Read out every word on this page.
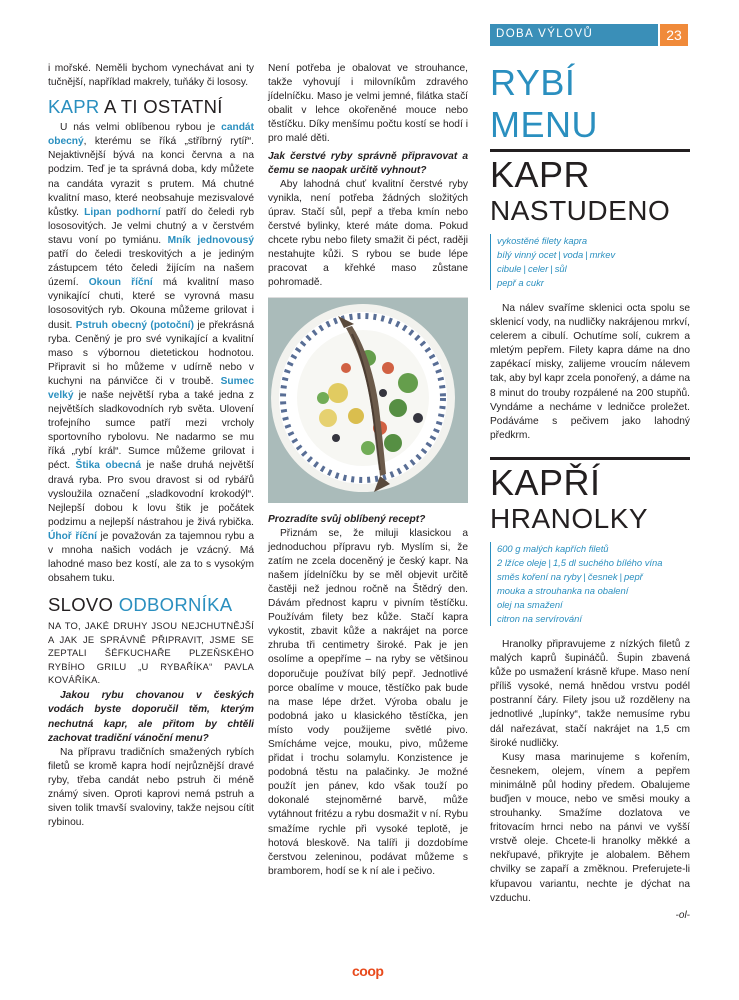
DOBA VÝLOVŮ	23

i mořské. Neměli bychom vynechávat ani ty tučnější, například makrely, tuňáky či lososy.

KAPR A TI OSTATNÍ

U nás velmi oblíbenou rybou je candát obecný, kterému se říká „stříbrný rytíř“. Nejaktivnější bývá na konci června a na podzim. Teď je ta správná doba, kdy můžete na candáta vyrazit s prutem. Má chutné kvalitní maso, které neobsahuje mezisvalové kůstky. Lipan podhorní patří do čeledi ryb lososovitých. Je velmi chutný a v čerstvém stavu voní po tymiánu. Mník jednovousý patří do čeledi treskovitých a je jediným zástupcem této čeledi žijícím na našem území. Okoun říční má kvalitní maso vynikající chuti, které se vyrovná masu lososovitých ryb. Okouna můžeme grilovat i dusit. Pstruh obecný (potoční) je překrásná ryba. Ceněný je pro své vynikající a kvalitní maso s výbornou dietetickou hodnotou. Připravit si ho můžeme v udírně nebo v kuchyni na pánvičce či v troubě. Sumec velký je naše největší ryba a také jedna z největších sladkovodních ryb světa. Ulovení trofejního sumce patří mezi vrcholy sportovního rybolovu. Ne nadarmo se mu říká „rybí král“. Sumce můžeme grilovat i péct. Štika obecná je naše druhá největší dravá ryba. Pro svou dravost si od rybářů vysloužila označení „sladkovodní krokodýl“. Nejlepší dobou k lovu štik je počátek podzimu a nejlepší nástrahou je živá rybička. Úhoř říční je považován za tajemnou rybu a v mnoha našich vodách je vzácný. Má lahodné maso bez kostí, ale za to s vysokým obsahem tuku.

SLOVO ODBORNÍKA

NA TO, JAKÉ DRUHY JSOU NEJCHUTNĚJŠÍ A JAK JE SPRÁVNĚ PŘIPRAVIT, JSME SE ZEPTALI ŠÉFKUCHAŘE PLZEŇSKÉHO RYBÍHO GRILU „U RYBAŘÍKA“ PAVLA KOVÁŘÍKA.

Jakou rybu chovanou v českých vodách byste doporučil těm, kterým nechutná kapr, ale přitom by chtěli zachovat tradiční vánoční menu?

Na přípravu tradičních smažených rybích filetů se kromě kapra hodí nejrůznější dravé ryby, třeba candát nebo pstruh či méně známý siven. Oproti kaprovi nemá pstruh a siven tolik tmavší svaloviny, takže nejsou cítit rybinou.

Není potřeba je obalovat ve strouhance, takže vyhovují i milovníkům zdravého jídelníčku. Maso je velmi jemné, filátka stačí obalit v lehce okořeněné mouce nebo těstíčku. Díky menšímu počtu kostí se hodí i pro malé děti.

Jak čerstvé ryby správně připravovat a čemu se naopak určitě vyhnout?

Aby lahodná chuť kvalitní čerstvé ryby vynikla, není potřeba žádných složitých úprav. Stačí sůl, pepř a třeba kmín nebo čerstvé bylinky, které máte doma. Pokud chcete rybu nebo filety smažit či péct, raději nestahujte kůži. S rybou se bude lépe pracovat a křehké maso zůstane pohromadě.

Prozradíte svůj oblíbený recept?

Přiznám se, že miluji klasickou a jednoduchou přípravu ryb. Myslím si, že zatím ne zcela doceněný je český kapr. Na našem jídelníčku by se měl objevit určitě častěji než jednou ročně na Štědrý den. Dávám přednost kapru v pivním těstíčku. Používám filety bez kůže. Stačí kapra vykostit, zbavit kůže a nakrájet na porce zhruba tři centimetry široké. Pak je jen osolíme a opepříme – na ryby se většinou doporučuje používat bílý pepř. Jednotlivé porce obalíme v mouce, těstíčko pak bude na mase lépe držet. Výroba obalu je podobná jako u klasického těstíčka, jen místo vody použijeme světlé pivo. Smícháme vejce, mouku, pivo, můžeme přidat i trochu solamylu. Konzistence je podobná těstu na palačinky. Je možné použít jen pánev, kdo však touží po dokonalé stejnoměrné barvě, může vytáhnout fritézu a rybu dosmažit v ní. Rybu smažíme rychle při vysoké teplotě, je hotová bleskově. Na talíři ji dozdobíme čerstvou zeleninou, podávat můžeme s bramborem, hodí se k ní ale i pečivo.

RYBÍ MENU
KAPR
NASTUDENO
vykostěné filety kapra
bílý vinný ocet | voda | mrkev
cibule | celer | sůl
pepř a cukr

Na nálev svaříme sklenici octa spolu se sklenicí vody, na nudličky nakrájenou mrkví, celerem a cibulí. Ochutíme solí, cukrem a mletým pepřem. Filety kapra dáme na dno zapékací misky, zalijeme vroucím nálevem tak, aby byl kapr zcela ponořený, a dáme na 8 minut do trouby rozpálené na 200 stupňů. Vyndáme a necháme v ledničce proležet. Podáváme s pečivem jako lahodný předkrm.

KAPŘÍ
HRANOLKY
600 g malých kapřích filetů
2 lžíce oleje | 1,5 dl suchého bílého vína
směs koření na ryby | česnek | pepř
mouka a strouhanka na obalení
olej na smažení
citron na servírování

Hranolky připravujeme z nízkých filetů z malých kaprů šupináčů. Šupin zbavená kůže po usmažení krásně křupe. Maso není příliš vysoké, nemá hnědou vrstvu podél postranní čáry. Filety jsou už rozděleny na jednotlivé „lupínky“, takže nemusíme rybu dál nařezávat, stačí nakrájet na 1,5 cm široké nudličky.

Kusy masa marinujeme s kořením, česnekem, olejem, vínem a pepřem minimálně půl hodiny předem. Obalujeme buďjen v mouce, nebo ve směsi mouky a strouhanky. Smažíme dozlatova ve fritovacím hrnci nebo na pánvi ve vyšší vrstvě oleje. Chcete-li hranolky měkké a nekřupavé, přikryjte je alobalem. Během chvilky se zapaří a změknou. Preferujete-li křupavou variantu, nechte je dýchat na vzduchu.

-ol-
coop
